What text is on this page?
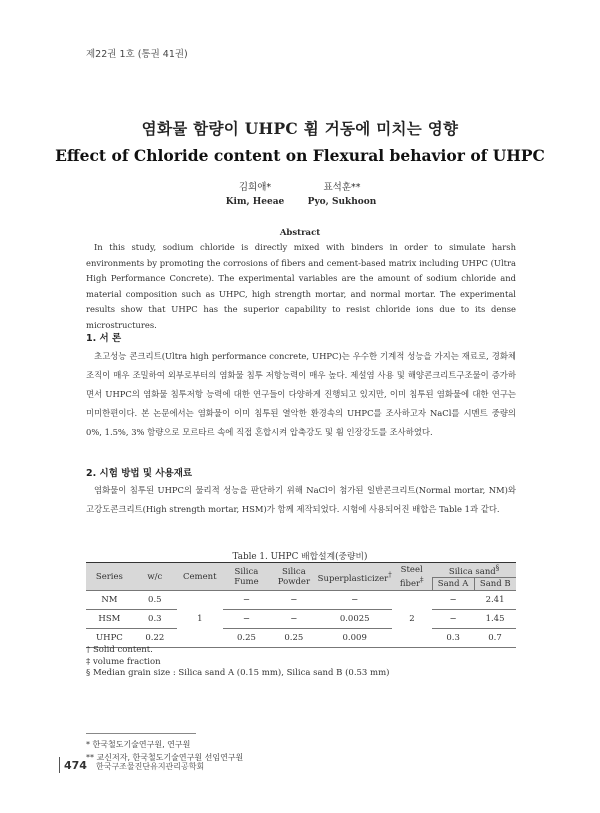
제22권 1호 (통권 41권)
염화물 함량이 UHPC 휨 거동에 미치는 영향
Effect of Chloride content on Flexural behavior of UHPC
김희애*
Kim, Heeae
표석훈**
Pyo, Sukhoon
Abstract

In this study, sodium chloride is directly mixed with binders in order to simulate harsh environments by promoting the corrosions of fibers and cement-based matrix including UHPC (Ultra High Performance Concrete). The experimental variables are the amount of sodium chloride and material composition such as UHPC, high strength mortar, and normal mortar. The experimental results show that UHPC has the superior capability to resist chloride ions due to its dense microstructures.

1. 서 론

초고성능 콘크리트(Ultra high performance concrete, UHPC)는 우수한 기계적 성능을 가지는 재료로, 경화체 조직이 매우 조밀하여 외부로부터의 염화물 침투 저항능력이 매우 높다. 제설염 사용 및 해양콘크리트구조물이 증가하면서 UHPC의 염화물 침투저항 능력에 대한 연구들이 다양하게 진행되고 있지만, 이미 침투된 염화물에 대한 연구는 미미한편이다. 본 논문에서는 염화물이 이미 침투된 열악한 환경속의 UHPC를 조사하고자 NaCl를 시멘트 중량의 0%, 1.5%, 3% 함량으로 모르타르 속에 직접 혼합시켜 압축강도 및 휨 인장강도를 조사하였다.

2. 시험 방법 및 사용재료

염화물이 침투된 UHPC의 물리적 성능을 판단하기 위해 NaCl이 첨가된 일반콘크리트(Normal mortar, NM)와 고강도콘크리트(High strength mortar, HSM)가 함께 제작되었다. 시험에 사용되어진 배합은 Table 1과 같다.

Table 1. UHPC 배합설계(중량비)
Series	w/c	Cement	Silica Fume	Silica Powder	Superplasticizer†	Steel fiber‡	Silica sand§
							Sand A	Sand B
NM	0.5	1	−	−	−	2	−	2.41
HSM	0.3		−	−	0.0025		−	1.45
UHPC	0.22		0.25	0.25	0.009		0.3	0.7
† Solid content.
‡ volume fraction
§ Median grain size : Silica sand A (0.15 mm), Silica sand B (0.53 mm)
* 한국철도기술연구원, 연구원
** 교신저자, 한국철도기술연구원 선임연구원
474 한국구조물진단유지관리공학회
